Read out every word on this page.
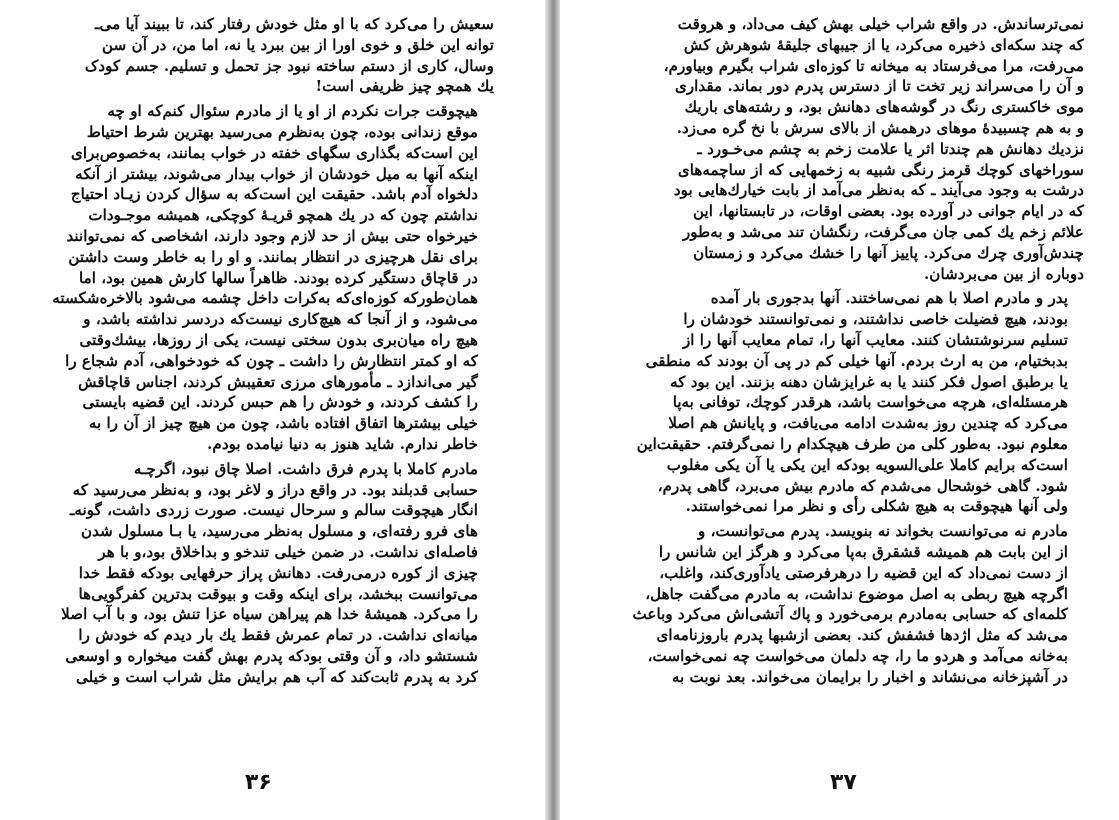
سعیش را می‌کرد که با او مثل خودش رفتار کند، تا ببیند آیا می‌ـ
توانه این خلق و خوی اورا از بین ببرد یا نه، اما من، در آن سن
وسال، کاری از دستم ساخته نبود جز تحمل و تسلیم. جسم کودک
یك همچو چیز ظریفی است!

هیچوقت جرات نکردم از او یا از مادرم سئوال کنم‌که او چه
موقع زندانی بوده، چون به‌نظرم می‌رسید بهترین شرط احتیاط
این است‌که بگذاری سگهای خفته در خواب بمانند، به‌خصوص‌برای
اینکه آنها به میل خودشان از خواب بیدار می‌شوند، بیشتر از آنکه
دلخواه آدم باشد. حقیقت این است‌که به سؤال کردن زیـاد احتیاج
نداشتم چون که در یك همچو قریـهٔ کوچکی، همیشه موجـودات
خیرخواه حتی بیش از حد لازم وجود دارند، اشخاصی که نمی‌توانند
برای نقل هرچیزی در انتظار بمانند. و او را به خاطر وست داشتن
در قاچاق دستگیر کرده بودند. ظاهراً سالها کارش همین بود، اما
همان‌طورکه کوزه‌ای‌که به‌کرات داخل چشمه می‌شود بالاخره‌شکسته
می‌شود، و از آنجا که هیچ‌کاری نیست‌که دردسر نداشته باشد، و
هیچ راه میان‌بری بدون سختی نیست، یکی از روزها، بیشك‌وقتی
که او کمتر انتظارش را داشت ـ چون که خودخواهی، آدم شجاع را
گیر می‌اندازد ـ مأمورهای مرزی تعقیبش کردند، اجناس قاچاقش
را کشف کردند، و خودش را هم حبس کردند. این قضیه بایستی
خیلی بیشترها اتفاق افتاده باشد، چون من هیچ چیز از آن را به
خاطر ندارم. شاید هنوز به دنیا نیامده بودم.

مادرم کاملا با پدرم فرق داشت. اصلا چاق نبود، اگرچـه
حسابی قدبلند بود. در واقع دراز و لاغر بود، و به‌نظر می‌رسید که
انگار هیچوقت سالم و سرحال نیست. صورت زردی داشت، گونه‌ـ
های فرو رفته‌ای، و مسلول به‌نظر می‌رسید، یا بـا مسلول شدن
فاصله‌ای نداشت. در ضمن خیلی تندخو و بداخلاق بود،و با هر
چیزی از کوره درمی‌رفت. دهانش پراز حرفهایی بودکه فقط خدا
می‌توانست ببخشد، برای اینکه وقت و بیوقت بدترین کفرگویی‌ها
را می‌کرد. همیشهٔ خدا هم پیراهن سیاه عزا تنش بود، و با آب اصلا
میانه‌ای نداشت. در تمام عمرش فقط یك بار دیدم که خودش را
شستشو داد، و آن وقتی بودکه پدرم بهش گفت میخواره و اوسعی
کرد به پدرم ثابت‌کند که آب هم برایش مثل شراب است و خیلی

۳۶

نمی‌ترساندش. در واقع شراب خیلی بهش کیف می‌داد، و هروقت
که چند سکه‌ای ذخیره می‌کرد، یا از جیبهای جلیقهٔ شوهرش کش
می‌رفت، مرا می‌فرستاد به میخانه تا کوزه‌ای شراب بگیرم وبیاورم،
و آن را می‌سراند زیر تخت تا از دسترس پدرم دور بماند. مقداری
موی خاکستری رنگ در گوشه‌های دهانش بود، و رشته‌های باریك
و به هم چسبیدهٔ موهای درهمش از بالای سرش با نخ گره می‌زد.
نزدیك دهانش هم چندتا اثر یا علامت زخم به چشم می‌خـورد ـ
سوراخهای کوچك قرمز رنگی شبیه به زخمهایی که از ساچمه‌های
درشت به وجود می‌آیند ـ که به‌نظر می‌آمد از بابت خیارك‌هایی بود
که در ایام جوانی در آورده بود. بعضی اوقات، در تابستانها، این
علائم زخم یك کمی جان می‌گرفت، رنگشان تند می‌شد و به‌طور
چندش‌آوری چرك می‌کرد. پاییز آنها را خشك می‌کرد و زمستان
دوباره از بین می‌بردشان.

پدر و مادرم اصلا با هم نمی‌ساختند. آنها بدجوری بار آمده
بودند، هیچ فضیلت خاصی نداشتند، و نمی‌توانستند خودشان را
تسلیم سرنوشتشان کنند. معایب آنها را، تمام معایب آنها را از
بدبختیام، من به ارث بردم. آنها خیلی کم در پی آن بودند که منطقی
یا برطبق اصول فکر کنند یا به غرایزشان دهنه بزنند. این بود که
هرمسئله‌ای، هرچه می‌خواست باشد، هرقدر کوچك، توفانی به‌پا
می‌کرد که چندین روز به‌شدت ادامه می‌یافت، و پایانش هم اصلا
معلوم نبود. به‌طور کلی من طرف هیچکدام را نمی‌گرفتم. حقیقت‌این
است‌که برایم کاملا علی‌السویه بودکه این یکی یا آن یکی مغلوب
شود. گاهی خوشحال می‌شدم که مادرم بیش می‌برد، گاهی پدرم،
ولی آنها هیچوقت به هیچ شکلی رأی و نظر مرا نمی‌خواستند.

مادرم نه می‌توانست بخواند نه بنویسد. پدرم می‌توانست، و
از این بابت هم همیشه قشقرق به‌پا می‌کرد و هرگز این شانس را
از دست نمی‌داد که این قضیه را درهرفرصتی یادآوری‌کند، واغلب،
اگرچه هیچ ربطی به اصل موضوع نداشت، به مادرم می‌گفت جاهل،
کلمه‌ای که حسابی به‌مادرم برمی‌خورد و پاك آتشی‌اش می‌کرد وباعث
می‌شد که مثل اژدها فشفش کند. بعضی ازشبها پدرم باروزنامه‌ای
به‌خانه می‌آمد و هردو ما را، چه دلمان می‌خواست چه نمی‌خواست،
در آشپزخانه می‌نشاند و اخبار را برایمان می‌خواند. بعد نوبت به

۳۷
